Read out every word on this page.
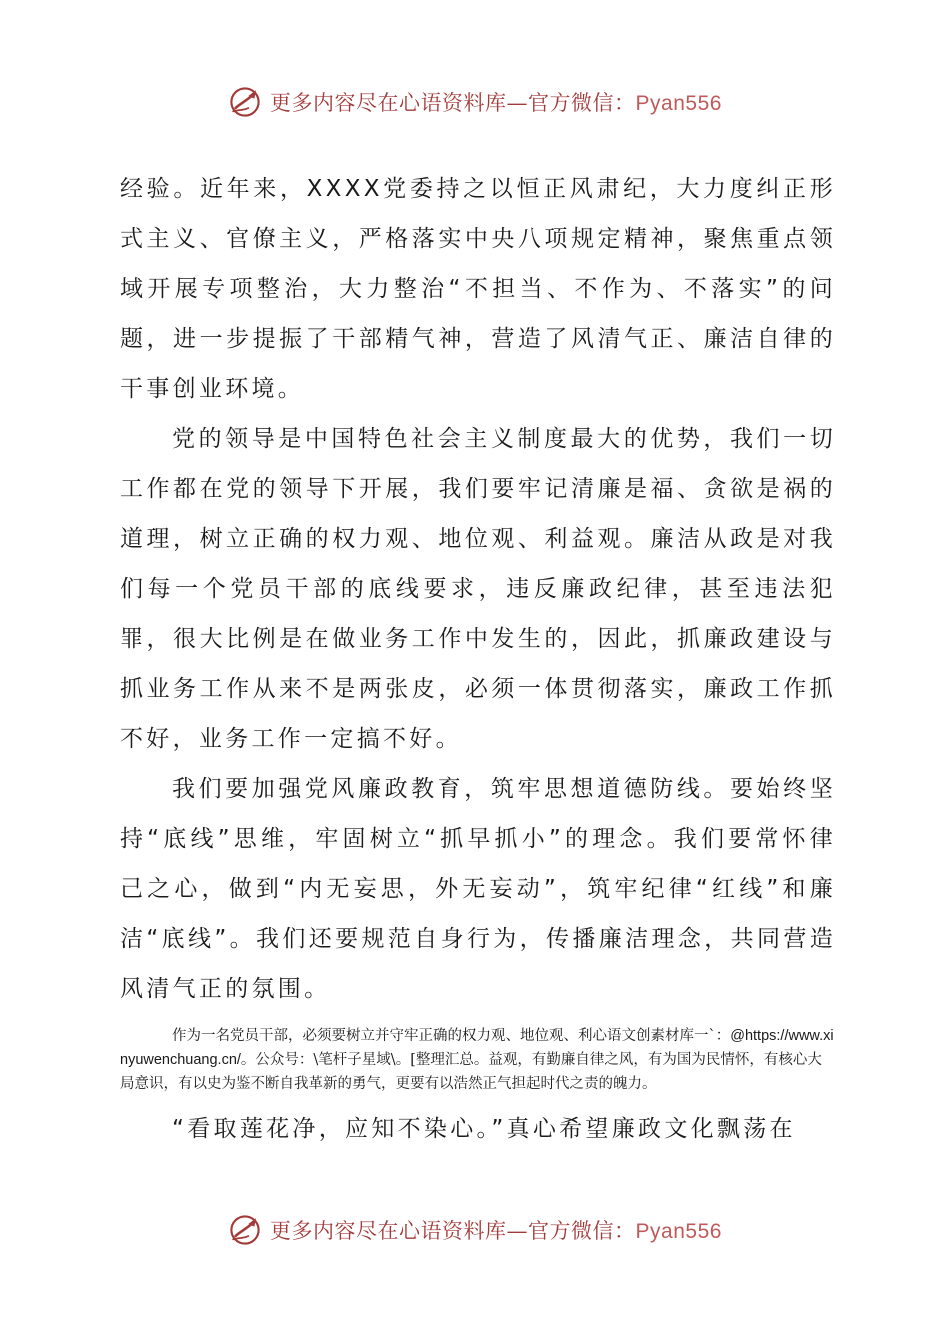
更多内容尽在心语资料库—官方微信：Pyan556

经验。近年来，XXXX党委持之以恒正风肃纪，大力度纠正形式主义、官僚主义，严格落实中央八项规定精神，聚焦重点领域开展专项整治，大力整治“不担当、不作为、不落实”的问题，进一步提振了干部精气神，营造了风清气正、廉洁自律的干事创业环境。

党的领导是中国特色社会主义制度最大的优势，我们一切工作都在党的领导下开展，我们要牢记清廉是福、贪欲是祸的道理，树立正确的权力观、地位观、利益观。廉洁从政是对我们每一个党员干部的底线要求，违反廉政纪律，甚至违法犯罪，很大比例是在做业务工作中发生的，因此，抓廉政建设与抓业务工作从来不是两张皮，必须一体贯彻落实，廉政工作抓不好，业务工作一定搞不好。

我们要加强党风廉政教育，筑牢思想道德防线。要始终坚持“底线”思维，牢固树立“抓早抓小”的理念。我们要常怀律己之心，做到“内无妄思，外无妄动”，筑牢纪律“红线”和廉洁“底线”。我们还要规范自身行为，传播廉洁理念，共同营造风清气正的氛围。

作为一名党员干部，必须要树立并守牢正确的权力观、地位观、利心语文创素材库一`：@https://www.xinyuwenchuang.cn/。公众号：\笔杆子星域\。[整理汇总。益观，有勤廉自律之风，有为国为民情怀，有核心大局意识，有以史为鉴不断自我革新的勇气，更要有以浩然正气担起时代之责的魄力。

“看取莲花净，应知不染心。”真心希望廉政文化飘荡在

更多内容尽在心语资料库—官方微信：Pyan556
